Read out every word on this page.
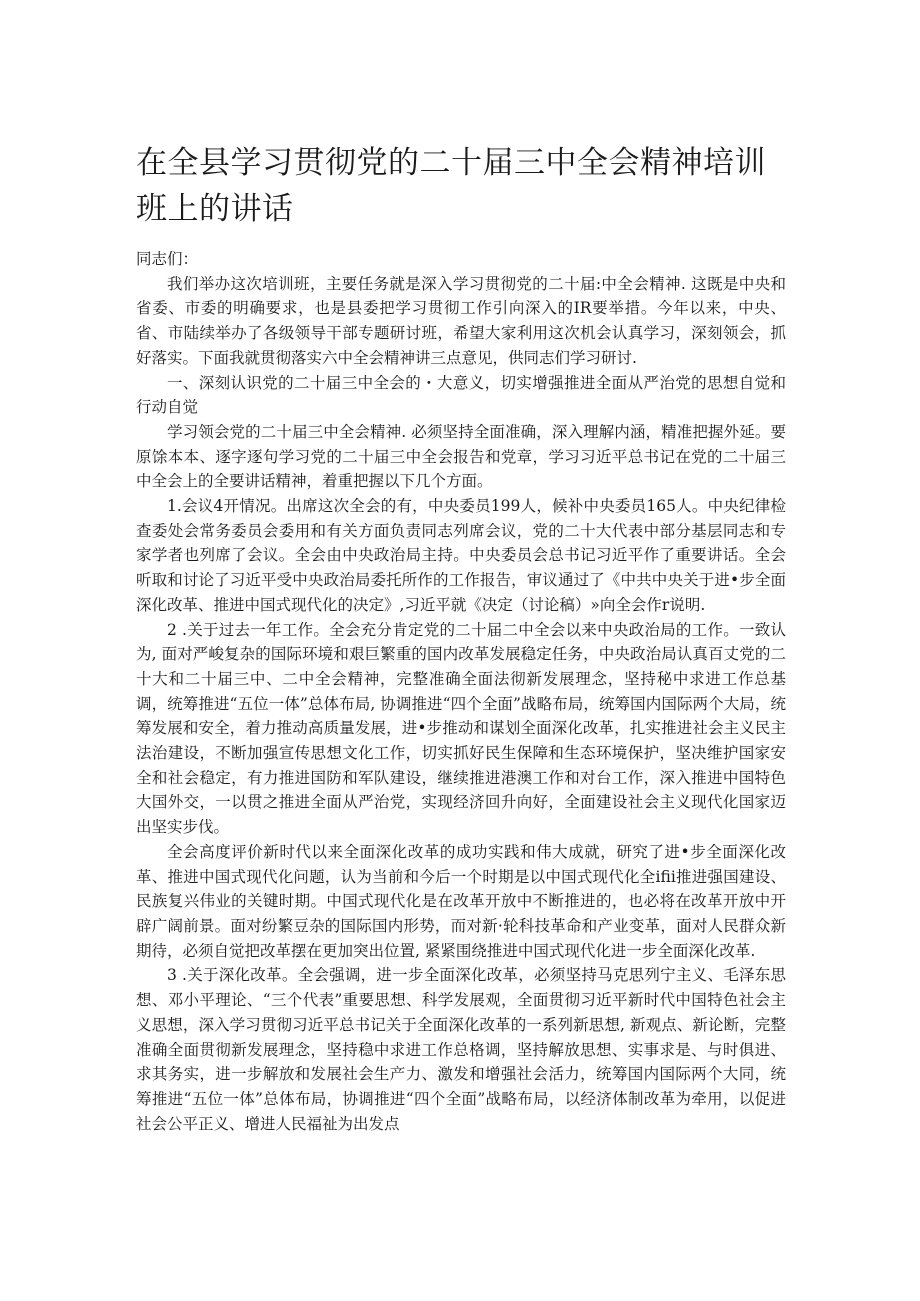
在全县学习贯彻党的二十届三中全会精神培训班上的讲话

同志们：

我们举办这次培训班，主要任务就是深入学习贯彻党的二十届:中全会精神. 这既是中央和省委、市委的明确要求，也是县委把学习贯彻工作引向深入的IR要举措。今年以来，中央、省、市陆续举办了各级领导干部专题研讨班，希望大家利用这次机会认真学习，深刻领会，抓好落实。下面我就贯彻落实六中全会精神讲三点意见，供同志们学习研讨.

一、深刻认识党的二十届三中全会的・大意义，切实增强推进全面从严治党的思想自觉和行动自觉

学习领会党的二十届三中全会精神. 必须坚持全面准确，深入理解内涵，精准把握外延。要原馀本本、逐字逐句学习党的二十届三中全会报告和党章，学习习近平总书记在党的二十届三中全会上的全要讲话精神，着重把握以下几个方面。

1.会议4开情况。出席这次全会的有，中央委员199人，候补中央委员165人。中央纪律检查委处会常务委员会委用和有关方面负责同志列席会议，党的二十大代表中部分基层同志和专家学者也列席了会议。全会由中央政治局主持。中央委员会总书记习近平作了重要讲话。全会听取和讨论了习近平受中央政治局委托所作的工作报告，审议通过了《中共中央关于进•步全面深化改革、推进中国式现代化的决定》,习近平就《决定（讨论稿）»向全会作r说明.

2 .关于过去一年工作。全会充分肯定党的二十届二中全会以来中央政治局的工作。一致认为, 面对严峻复杂的国际环境和艰巨繁重的国内改革发展稳定任务，中央政治局认真百丈党的二十大和二十届三中、二中全会精神，完整准确全面法彻新发展理念，坚持秘中求进工作总基调，统筹推进“五位一体”总体布局, 协调推进“四个全面”战略布局，统筹国内国际两个大局，统筹发展和安全，着力推动高质量发展，进•步推动和谋划全面深化改革，扎实推进社会主义民主法治建设，不断加强宣传思想文化工作，切实抓好民生保障和生态环境保护，坚决维护国家安全和社会稳定，有力推进国防和军队建设，继续推进港澳工作和对台工作，深入推进中国特色大国外交，一以贯之推进全面从严治党，实现经济回升向好，全面建设社会主义现代化国家迈出坚实步伐。

全会高度评价新时代以来全面深化改革的成功实践和伟大成就，研究了进•步全面深化改革、推进中国式现代化问题，认为当前和今后一个时期是以中国式现代化全ifii推进强国建设、民族复兴伟业的关键时期。中国式现代化是在改革开放中不断推进的，也必将在改革开放中开辟广阔前景。面对纷繁豆杂的国际国内形势，而对新·轮科技革命和产业变革，面对人民群众新期待，必须自觉把改革摆在更加突出位置, 紧紧围绕推进中国式现代化进一步全面深化改革.

3 .关于深化改革。全会强调，进一步全面深化改革，必须坚持马克思列宁主义、毛泽东思想、邓小平理论、“三个代表”重要思想、科学发展观，全面贯彻习近平新时代中国特色社会主义思想，深入学习贯彻习近平总书记关于全面深化改革的一系列新思想, 新观点、新论断，完整准确全面贯彻新发展理念，坚持稳中求进工作总格调，坚持解放思想、实事求是、与时俱进、求其务实，进一步解放和发展社会生产力、激发和增强社会活力，统筹国内国际两个大同，统筹推进“五位一体”总体布局，协调推进“四个全面”战略布局，以经济体制改革为牵用，以促进社会公平正义、增进人民福祉为出发点
